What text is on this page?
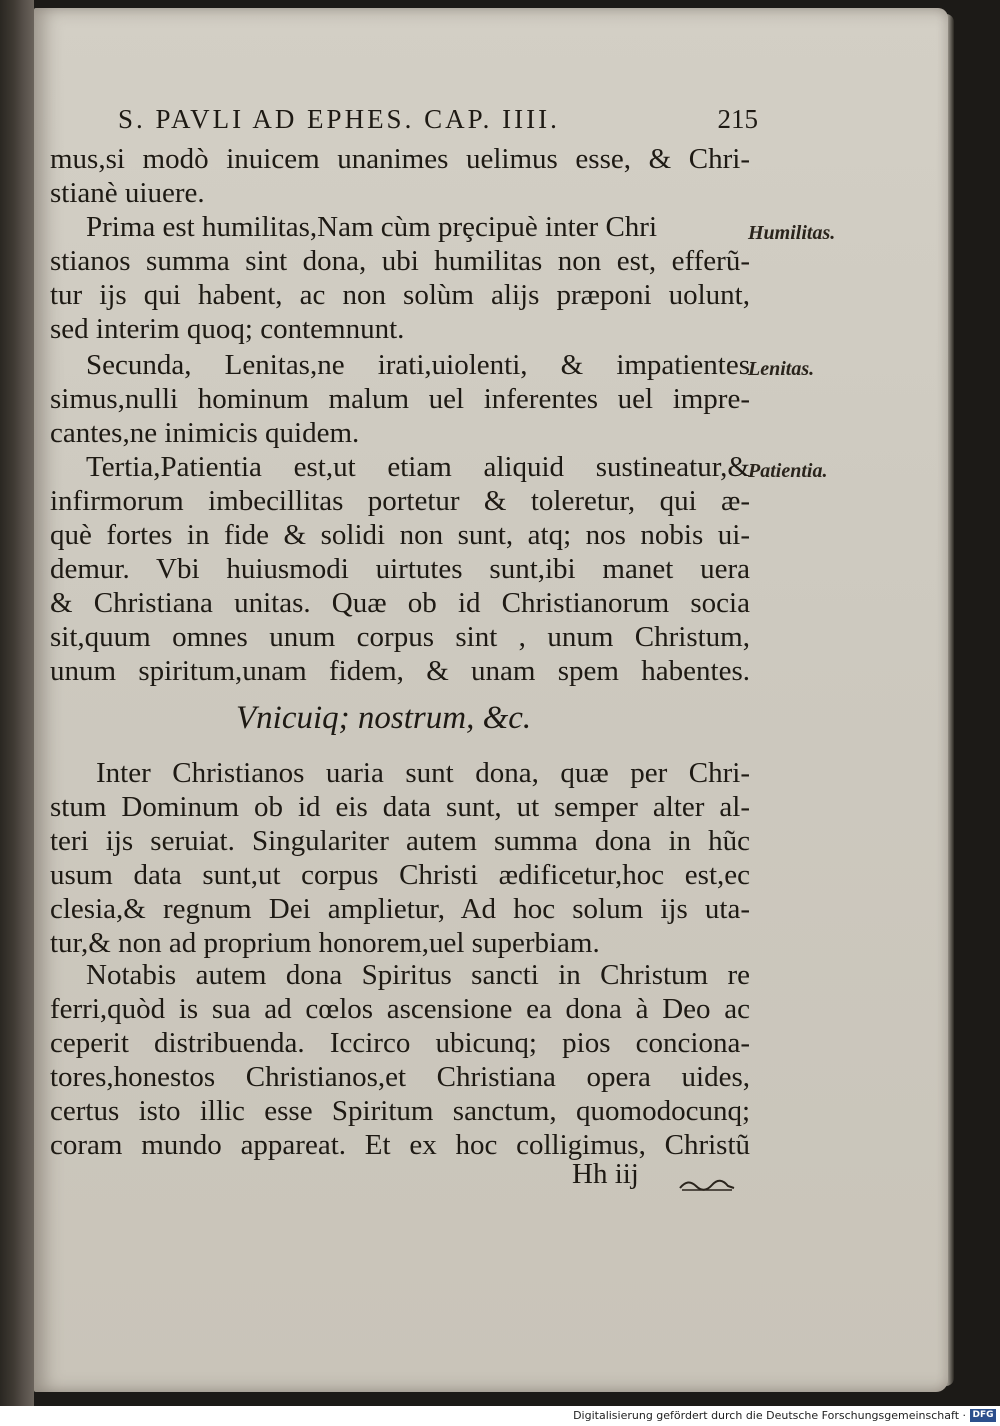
S. PAVLI AD EPHES. CAP. IIII.	215
mus,si modò inuicem unanimes uelimus esse, & Chri-
stianè uiuere.
Prima est humilitas,Nam cùm prȩcipuè inter Chri
stianos summa sint dona, ubi humilitas non est, efferũ-
tur ijs qui habent, ac non solùm alijs præponi uolunt,
sed interim quoq; contemnunt.
Secunda, Lenitas,ne irati,uiolenti, & impatientes
simus,nulli hominum malum uel inferentes uel impre-
cantes,ne inimicis quidem.
Tertia,Patientia est,ut etiam aliquid sustineatur,&
infirmorum imbecillitas portetur & toleretur, qui æ-
què fortes in fide & solidi non sunt, atq; nos nobis ui-
demur. Vbi huiusmodi uirtutes sunt,ibi manet uera
& Christiana unitas. Quæ ob id Christianorum socia
sit,quum omnes unum corpus sint , unum Christum,
unum spiritum,unam fidem, & unam spem habentes.
Vnicuiq; nostrum, &c.
Inter Christianos uaria sunt dona, quæ per Chri-
stum Dominum ob id eis data sunt, ut semper alter al-
teri ijs seruiat. Singulariter autem summa dona in hũc
usum data sunt,ut corpus Christi ædificetur,hoc est,ec
clesia,& regnum Dei amplietur, Ad hoc solum ijs uta-
tur,& non ad proprium honorem,uel superbiam.
Notabis autem dona Spiritus sancti in Christum re
ferri,quòd is sua ad cœlos ascensione ea dona à Deo ac
ceperit distribuenda. Iccirco ubicunq; pios conciona-
tores,honestos Christianos,et Christiana opera uides,
certus isto illic esse Spiritum sanctum, quomodocunq;
coram mundo appareat. Et ex hoc colligimus, Christũ
Humilitas.
Lenitas.
Patientia.
Hh iij
Digitalisierung gefördert durch die Deutsche Forschungsgemeinschaft · DFG
